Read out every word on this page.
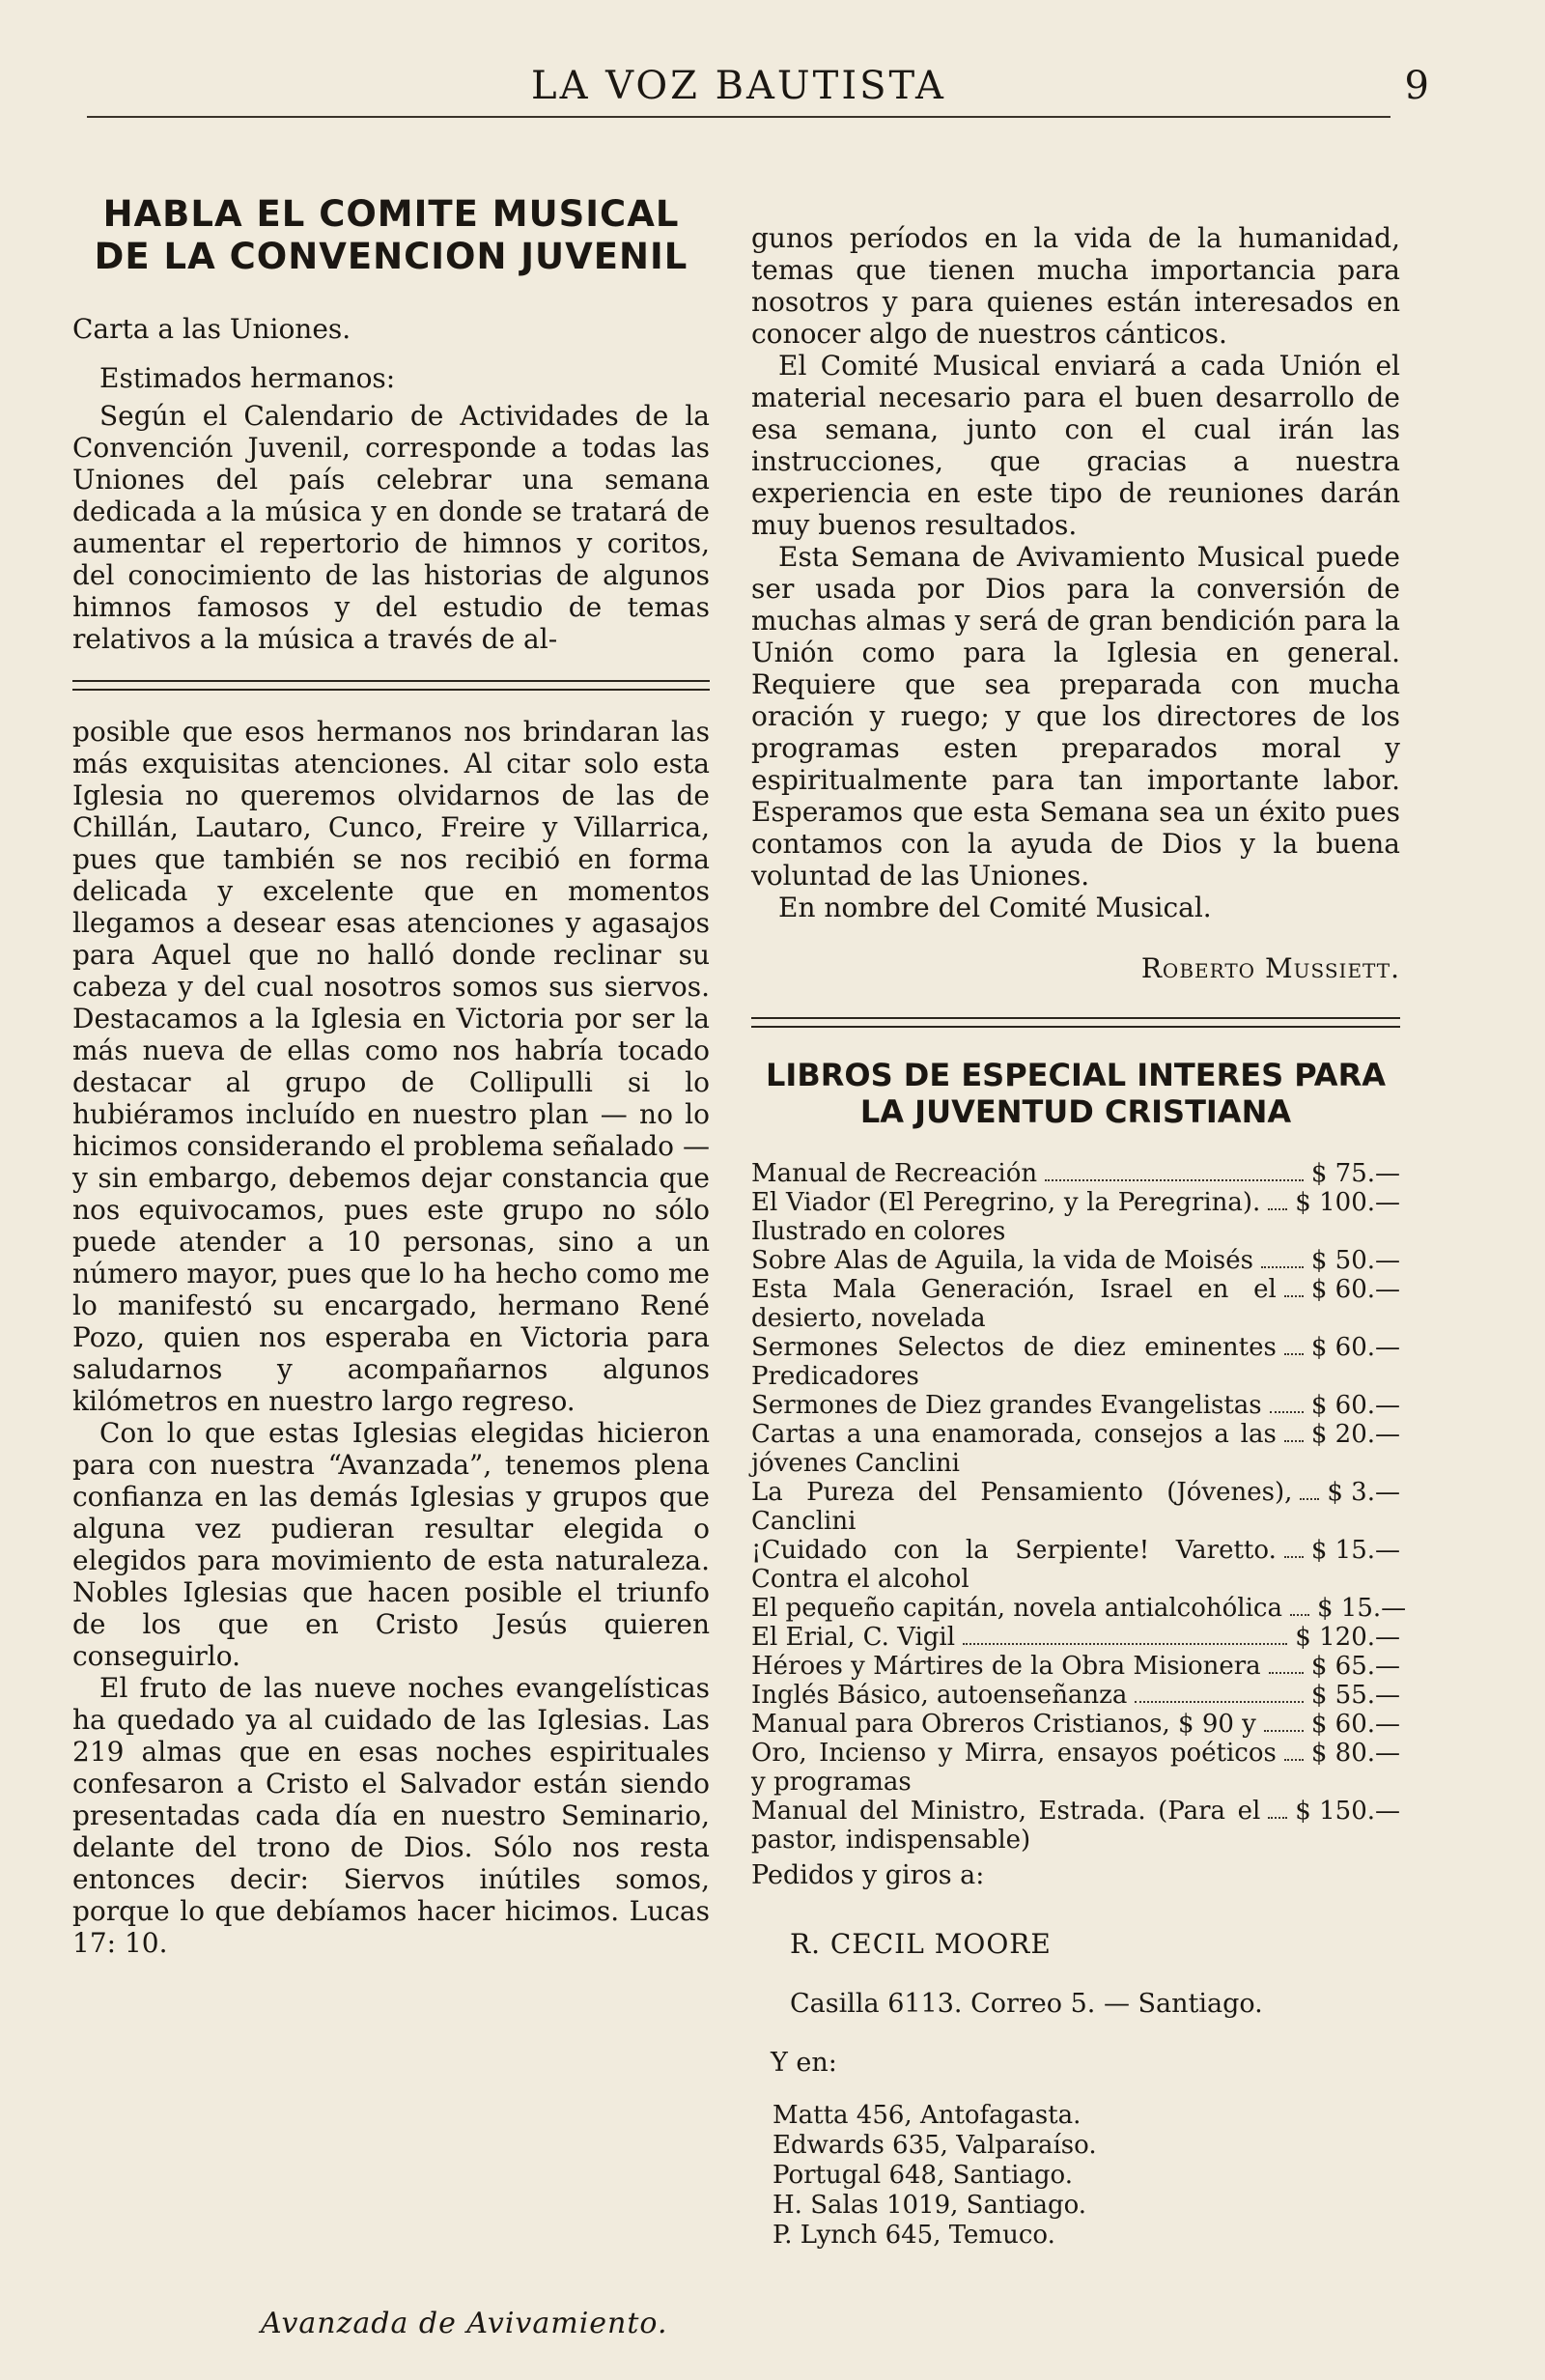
LA VOZ BAUTISTA	9
HABLA EL COMITE MUSICAL DE LA CONVENCION JUVENIL

Carta a las Uniones.

Estimados hermanos:

Según el Calendario de Actividades de la Convención Juvenil, corresponde a todas las Uniones del país celebrar una semana dedicada a la música y en donde se tratará de aumentar el repertorio de himnos y coritos, del conocimiento de las historias de algunos himnos famosos y del estudio de temas relativos a la música a través de al-

posible que esos hermanos nos brindaran las más exquisitas atenciones. Al citar solo esta Iglesia no queremos olvidarnos de las de Chillán, Lautaro, Cunco, Freire y Villarrica, pues que también se nos recibió en forma delicada y excelente que en momentos llegamos a desear esas atenciones y agasajos para Aquel que no halló donde reclinar su cabeza y del cual nosotros somos sus siervos. Destacamos a la Iglesia en Victoria por ser la más nueva de ellas como nos habría tocado destacar al grupo de Collipulli si lo hubiéramos incluído en nuestro plan — no lo hicimos considerando el problema señalado — y sin embargo, debemos dejar constancia que nos equivocamos, pues este grupo no sólo puede atender a 10 personas, sino a un número mayor, pues que lo ha hecho como me lo manifestó su encargado, hermano René Pozo, quien nos esperaba en Victoria para saludarnos y acompañarnos algunos kilómetros en nuestro largo regreso.

Con lo que estas Iglesias elegidas hicieron para con nuestra “Avanzada”, tenemos plena confianza en las demás Iglesias y grupos que alguna vez pudieran resultar elegida o elegidos para movimiento de esta naturaleza. Nobles Iglesias que hacen posible el triunfo de los que en Cristo Jesús quieren conseguirlo.

El fruto de las nueve noches evangelísticas ha quedado ya al cuidado de las Iglesias. Las 219 almas que en esas noches espirituales confesaron a Cristo el Salvador están siendo presentadas cada día en nuestro Seminario, delante del trono de Dios. Sólo nos resta entonces decir: Siervos inútiles somos, porque lo que debíamos hacer hicimos. Lucas 17: 10.

gunos períodos en la vida de la humanidad, temas que tienen mucha importancia para nosotros y para quienes están interesados en conocer algo de nuestros cánticos.

El Comité Musical enviará a cada Unión el material necesario para el buen desarrollo de esa semana, junto con el cual irán las instrucciones, que gracias a nuestra experiencia en este tipo de reuniones darán muy buenos resultados.

Esta Semana de Avivamiento Musical puede ser usada por Dios para la conversión de muchas almas y será de gran bendición para la Unión como para la Iglesia en general. Requiere que sea preparada con mucha oración y ruego; y que los directores de los programas esten preparados moral y espiritualmente para tan importante labor. Esperamos que esta Semana sea un éxito pues contamos con la ayuda de Dios y la buena voluntad de las Uniones.

En nombre del Comité Musical.

Roberto Mussiett.

LIBROS DE ESPECIAL INTERES PARA LA JUVENTUD CRISTIANA
Manual de Recreación	$ 75.—
El Viador (El Peregrino, y la Peregrina). Ilustrado en colores
$ 100.—
Sobre Alas de Aguila, la vida de Moisés $ 50.—
Esta Mala Generación, Israel en el desierto, novelada
$ 60.—
Sermones Selectos de diez eminentes Predicadores
$ 60.—
Sermones de Diez grandes Evangelistas $ 60.—
Cartas a una enamorada, consejos a las jóvenes Canclini
$ 20.—
La Pureza del Pensamiento (Jóvenes), Canclini
$ 3.—
¡Cuidado con la Serpiente! Varetto. Contra el alcohol
$ 15.—
El pequeño capitán, novela antialcohólica $ 15.—
El Erial, C. Vigil	$ 120.—
Héroes y Mártires de la Obra Misionera $ 65.—
Inglés Básico, autoenseñanza	$ 55.—
Manual para Obreros Cristianos, $ 90 y $ 60.—
Oro, Incienso y Mirra, ensayos poéticos y programas
$ 80.—
Manual del Ministro, Estrada. (Para el pastor, indispensable)
$ 150.—
Pedidos y giros a:
R. CECIL MOORE
Casilla 6113. Correo 5. — Santiago.
Y en:
Matta 456, Antofagasta.
Edwards 635, Valparaíso.
Portugal 648, Santiago.
H. Salas 1019, Santiago.
P. Lynch 645, Temuco.
Avanzada de Avivamiento.
